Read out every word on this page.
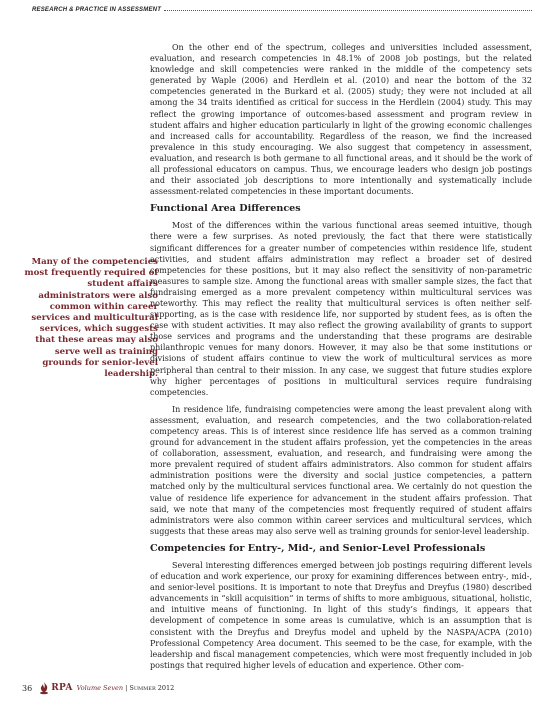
RESEARCH & PRACTICE IN ASSESSMENT
Many of the competencies most frequently required of student affairs administrators were also common within career services and multicultural services, which suggests that these areas may also serve well as training grounds for senior-level leadership.

On the other end of the spectrum, colleges and universities included assessment, evaluation, and research competencies in 48.1% of 2008 job postings, but the related knowledge and skill competencies were ranked in the middle of the competency sets generated by Waple (2006) and Herdlein et al. (2010) and near the bottom of the 32 competencies generated in the Burkard et al. (2005) study; they were not included at all among the 34 traits identified as critical for success in the Herdlein (2004) study. This may reflect the growing importance of outcomes-based assessment and program review in student affairs and higher education particularly in light of the growing economic challenges and increased calls for accountability. Regardless of the reason, we find the increased prevalence in this study encouraging. We also suggest that competency in assessment, evaluation, and research is both germane to all functional areas, and it should be the work of all professional educators on campus. Thus, we encourage leaders who design job postings and their associated job descriptions to more intentionally and systematically include assessment-related competencies in these important documents.

Functional Area Differences

Most of the differences within the various functional areas seemed intuitive, though there were a few surprises. As noted previously, the fact that there were statistically significant differences for a greater number of competencies within residence life, student activities, and student affairs administration may reflect a broader set of desired competencies for these positions, but it may also reflect the sensitivity of non-parametric measures to sample size. Among the functional areas with smaller sample sizes, the fact that fundraising emerged as a more prevalent competency within multicultural services was noteworthy. This may reflect the reality that multicultural services is often neither self-supporting, as is the case with residence life, nor supported by student fees, as is often the case with student activities. It may also reflect the growing availability of grants to support those services and programs and the understanding that these programs are desirable philanthropic venues for many donors. However, it may also be that some institutions or divisions of student affairs continue to view the work of multicultural services as more peripheral than central to their mission. In any case, we suggest that future studies explore why higher percentages of positions in multicultural services require fundraising competencies.

In residence life, fundraising competencies were among the least prevalent along with assessment, evaluation, and research competencies, and the two collaboration-related competency areas. This is of interest since residence life has served as a common training ground for advancement in the student affairs profession, yet the competencies in the areas of collaboration, assessment, evaluation, and research, and fundraising were among the more prevalent required of student affairs administrators. Also common for student affairs administration positions were the diversity and social justice competencies, a pattern matched only by the multicultural services functional area. We certainly do not question the value of residence life experience for advancement in the student affairs profession. That said, we note that many of the competencies most frequently required of student affairs administrators were also common within career services and multicultural services, which suggests that these areas may also serve well as training grounds for senior-level leadership.

Competencies for Entry-, Mid-, and Senior-Level Professionals

Several interesting differences emerged between job postings requiring different levels of education and work experience, our proxy for examining differences between entry-, mid-, and senior-level positions. It is important to note that Dreyfus and Dreyfus (1980) described advancements in “skill acquisition” in terms of shifts to more ambiguous, situational, holistic, and intuitive means of functioning. In light of this study’s findings, it appears that development of competence in some areas is cumulative, which is an assumption that is consistent with the Dreyfus and Dreyfus model and upheld by the NASPA/ACPA (2010) Professional Competency Area document. This seemed to be the case, for example, with the leadership and fiscal management competencies, which were most frequently included in job postings that required higher levels of education and experience. Other com-

36 RPA Volume Seven | Summer 2012
